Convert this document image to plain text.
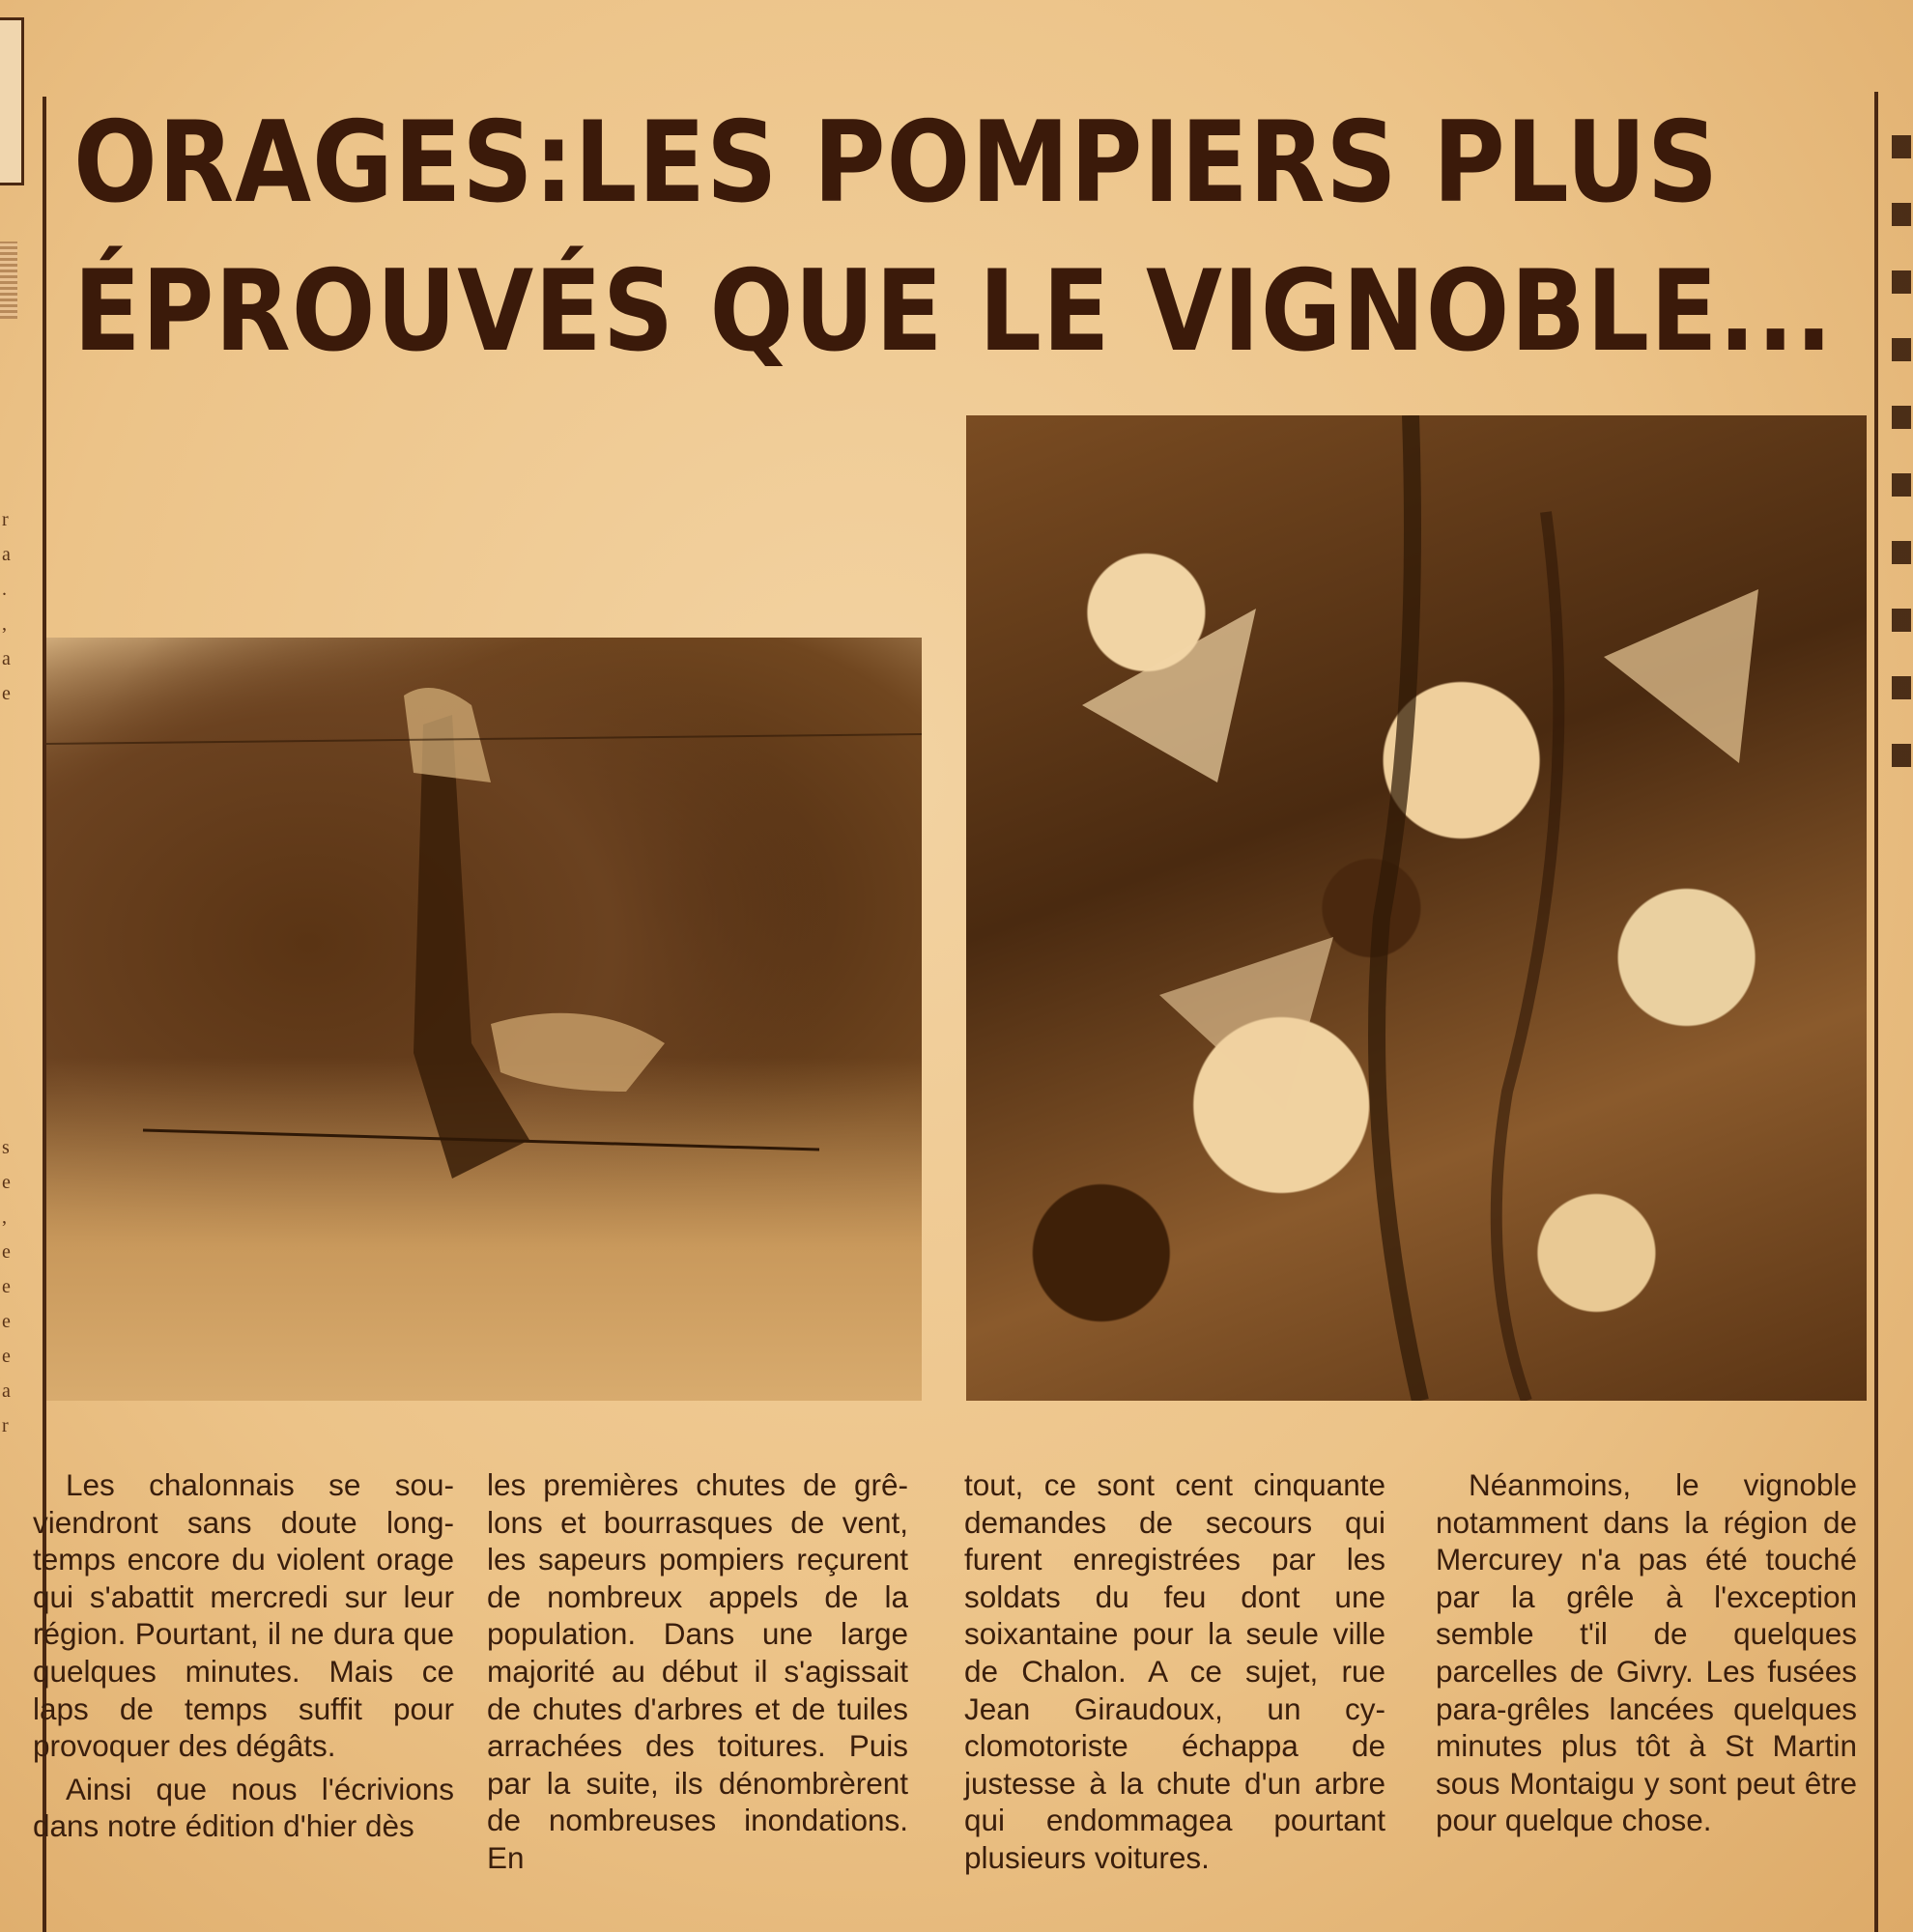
r
a
.
,
a
e
s
e
,
e
e
e
e
a
r
ORAGES:LES POMPIERS PLUS
ÉPROUVÉS QUE LE VIGNOBLE...

Les chalonnais se souviendront sans doute longtemps encore du violent orage qui s'abattit mercredi sur leur région. Pourtant, il ne dura que quelques minutes. Mais ce laps de temps suffit pour provoquer des dégâts.

Ainsi que nous l'écrivions dans notre édition d'hier dès

les premières chutes de grêlons et bourrasques de vent, les sapeurs pompiers reçurent de nombreux appels de la population. Dans une large majorité au début il s'agissait de chutes d'arbres et de tuiles arrachées des toitures. Puis par la suite, ils dénombrèrent de nombreuses inondations. En

tout, ce sont cent cinquante demandes de secours qui furent enregistrées par les soldats du feu dont une soixantaine pour la seule ville de Chalon. A ce sujet, rue Jean Giraudoux, un cyclomotoriste échappa de justesse à la chute d'un arbre qui endommagea pourtant plusieurs voitures.

Néanmoins, le vignoble notamment dans la région de Mercurey n'a pas été touché par la grêle à l'exception semble t'il de quelques parcelles de Givry. Les fusées para-grêles lancées quelques minutes plus tôt à St Martin sous Montaigu y sont peut être pour quelque chose.
